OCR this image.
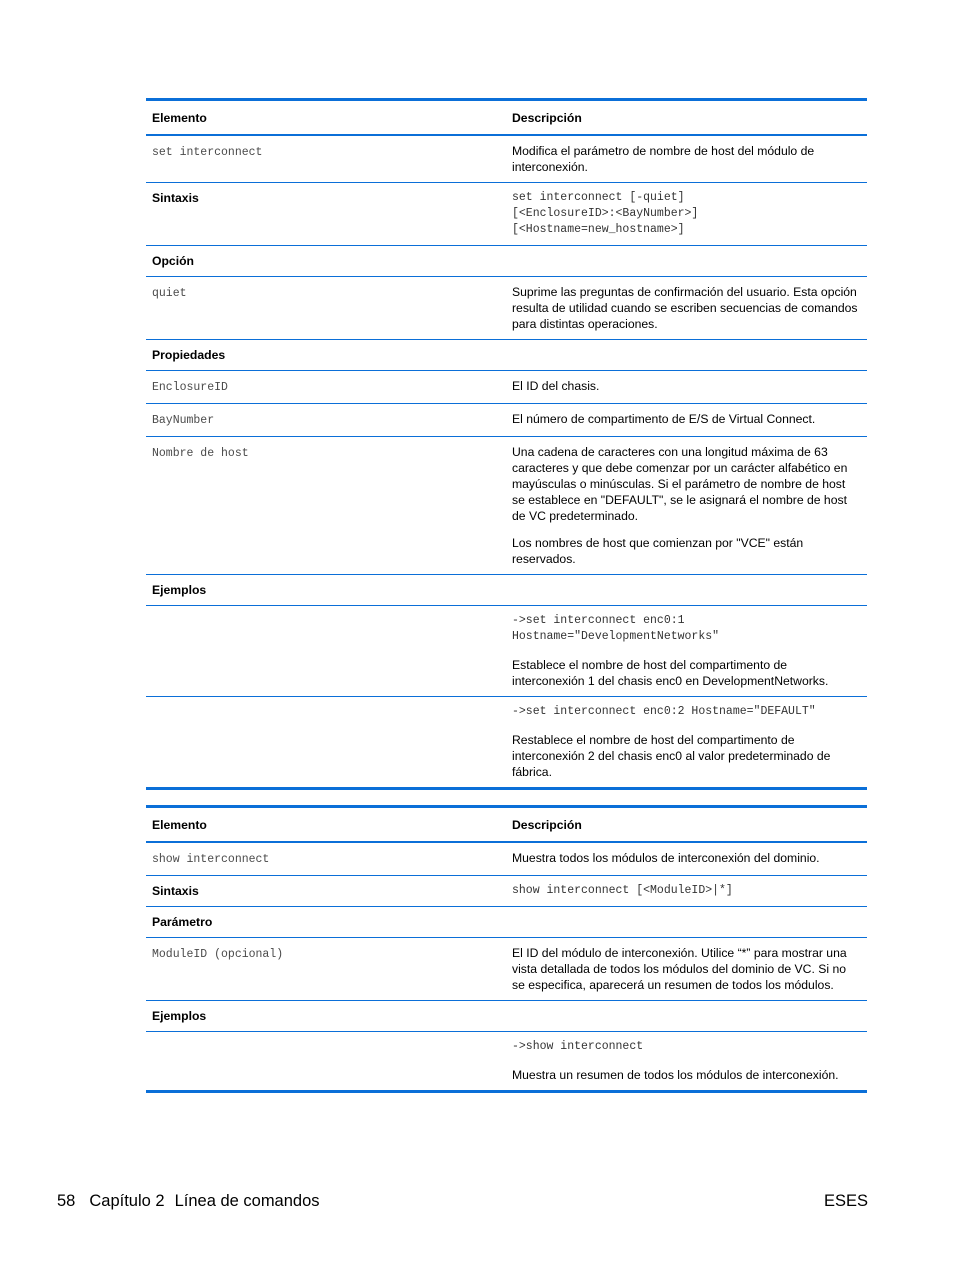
Elemento	Descripción
set interconnect	Modifica el parámetro de nombre de host del módulo de interconexión.
Sintaxis	set interconnect [-quiet]
[<EnclosureID>:<BayNumber>]
[<Hostname=new_hostname>]

Opción	
quiet	Suprime las preguntas de confirmación del usuario. Esta opción resulta de utilidad cuando se escriben secuencias de comandos para distintas operaciones.
Propiedades	
EnclosureID	El ID del chasis.
BayNumber	El número de compartimento de E/S de Virtual Connect.
Nombre de host	Una cadena de caracteres con una longitud máxima de 63 caracteres y que debe comenzar por un carácter alfabético en mayúsculas o minúsculas. Si el parámetro de nombre de host se establece en "DEFAULT", se le asignará el nombre de host de VC predeterminado.

Los nombres de host que comienzan por "VCE" están reservados.

Ejemplos	

	->set interconnect enc0:1
Hostname="DevelopmentNetworks"
Establece el nombre de host del compartimento de interconexión 1 del chasis enc0 en DevelopmentNetworks.

	->set interconnect enc0:2 Hostname="DEFAULT"
Restablece el nombre de host del compartimento de interconexión 2 del chasis enc0 al valor predeterminado de fábrica.
Elemento	Descripción
show interconnect	Muestra todos los módulos de interconexión del dominio.
Sintaxis	show interconnect [<ModuleID>|*]

Parámetro	
ModuleID (opcional)	El ID del módulo de interconexión. Utilice “*” para mostrar una vista detallada de todos los módulos del dominio de VC. Si no se especifica, aparecerá un resumen de todos los módulos.
Ejemplos	

	->show interconnect
Muestra un resumen de todos los módulos de interconexión.
58 Capítulo 2 Línea de comandos	ESES
